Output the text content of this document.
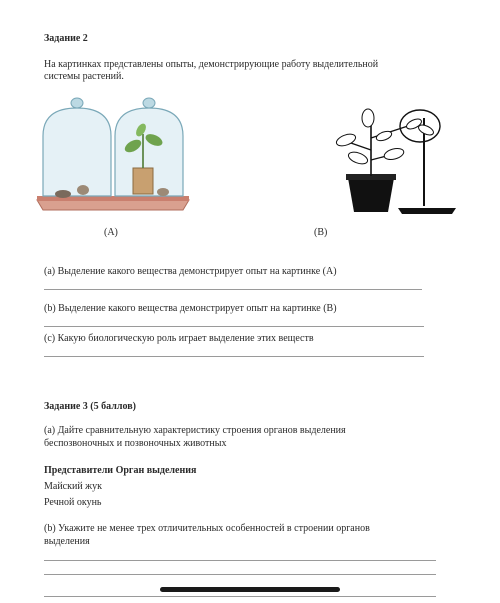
Задание 2
На картинках представлены опыты, демонстрирующие работу выделительной
системы растений.
(А)	(В)
(а) Выделение какого вещества демонстрирует опыт на картинке (А)
(b) Выделение какого вещества демонстрирует опыт на картинке (В)
(c) Какую биологическую роль играет выделение этих веществ
Задание 3 (5 баллов)
(а) Дайте сравнительную характеристику строения органов выделения
беспозвоночных и позвоночных животных
Представители Орган выделения
Майский жук
Речной окунь
(b) Укажите не менее трех отличительных особенностей в строении органов
выделения
